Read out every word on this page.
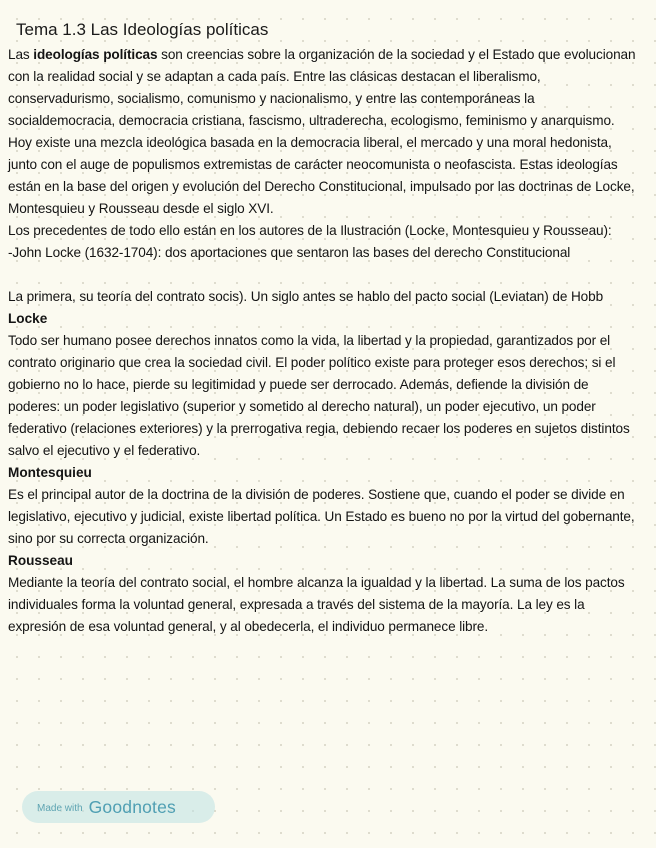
Tema 1.3 Las Ideologías políticas

Las ideologías políticas son creencias sobre la organización de la sociedad y el Estado que evolucionan con la realidad social y se adaptan a cada país. Entre las clásicas destacan el liberalismo, conservadurismo, socialismo, comunismo y nacionalismo, y entre las contemporáneas la socialdemocracia, democracia cristiana, fascismo, ultraderecha, ecologismo, feminismo y anarquismo.

Hoy existe una mezcla ideológica basada en la democracia liberal, el mercado y una moral hedonista, junto con el auge de populismos extremistas de carácter neocomunista o neofascista. Estas ideologías están en la base del origen y evolución del Derecho Constitucional, impulsado por las doctrinas de Locke, Montesquieu y Rousseau desde el siglo XVI.

Los precedentes de todo ello están en los autores de la Ilustración (Locke, Montesquieu y Rousseau):

-John Locke (1632-1704): dos aportaciones que sentaron las bases del derecho Constitucional

La primera, su teoría del contrato socis). Un siglo antes se hablo del pacto social (Leviatan) de Hobb

Locke

Todo ser humano posee derechos innatos como la vida, la libertad y la propiedad, garantizados por el contrato originario que crea la sociedad civil. El poder político existe para proteger esos derechos; si el gobierno no lo hace, pierde su legitimidad y puede ser derrocado. Además, defiende la división de poderes: un poder legislativo (superior y sometido al derecho natural), un poder ejecutivo, un poder federativo (relaciones exteriores) y la prerrogativa regia, debiendo recaer los poderes en sujetos distintos salvo el ejecutivo y el federativo.

Montesquieu

Es el principal autor de la doctrina de la división de poderes. Sostiene que, cuando el poder se divide en legislativo, ejecutivo y judicial, existe libertad política. Un Estado es bueno no por la virtud del gobernante, sino por su correcta organización.

Rousseau

Mediante la teoría del contrato social, el hombre alcanza la igualdad y la libertad. La suma de los pactos individuales forma la voluntad general, expresada a través del sistema de la mayoría. La ley es la expresión de esa voluntad general, y al obedecerla, el individuo permanece libre.

Made with Goodnotes
